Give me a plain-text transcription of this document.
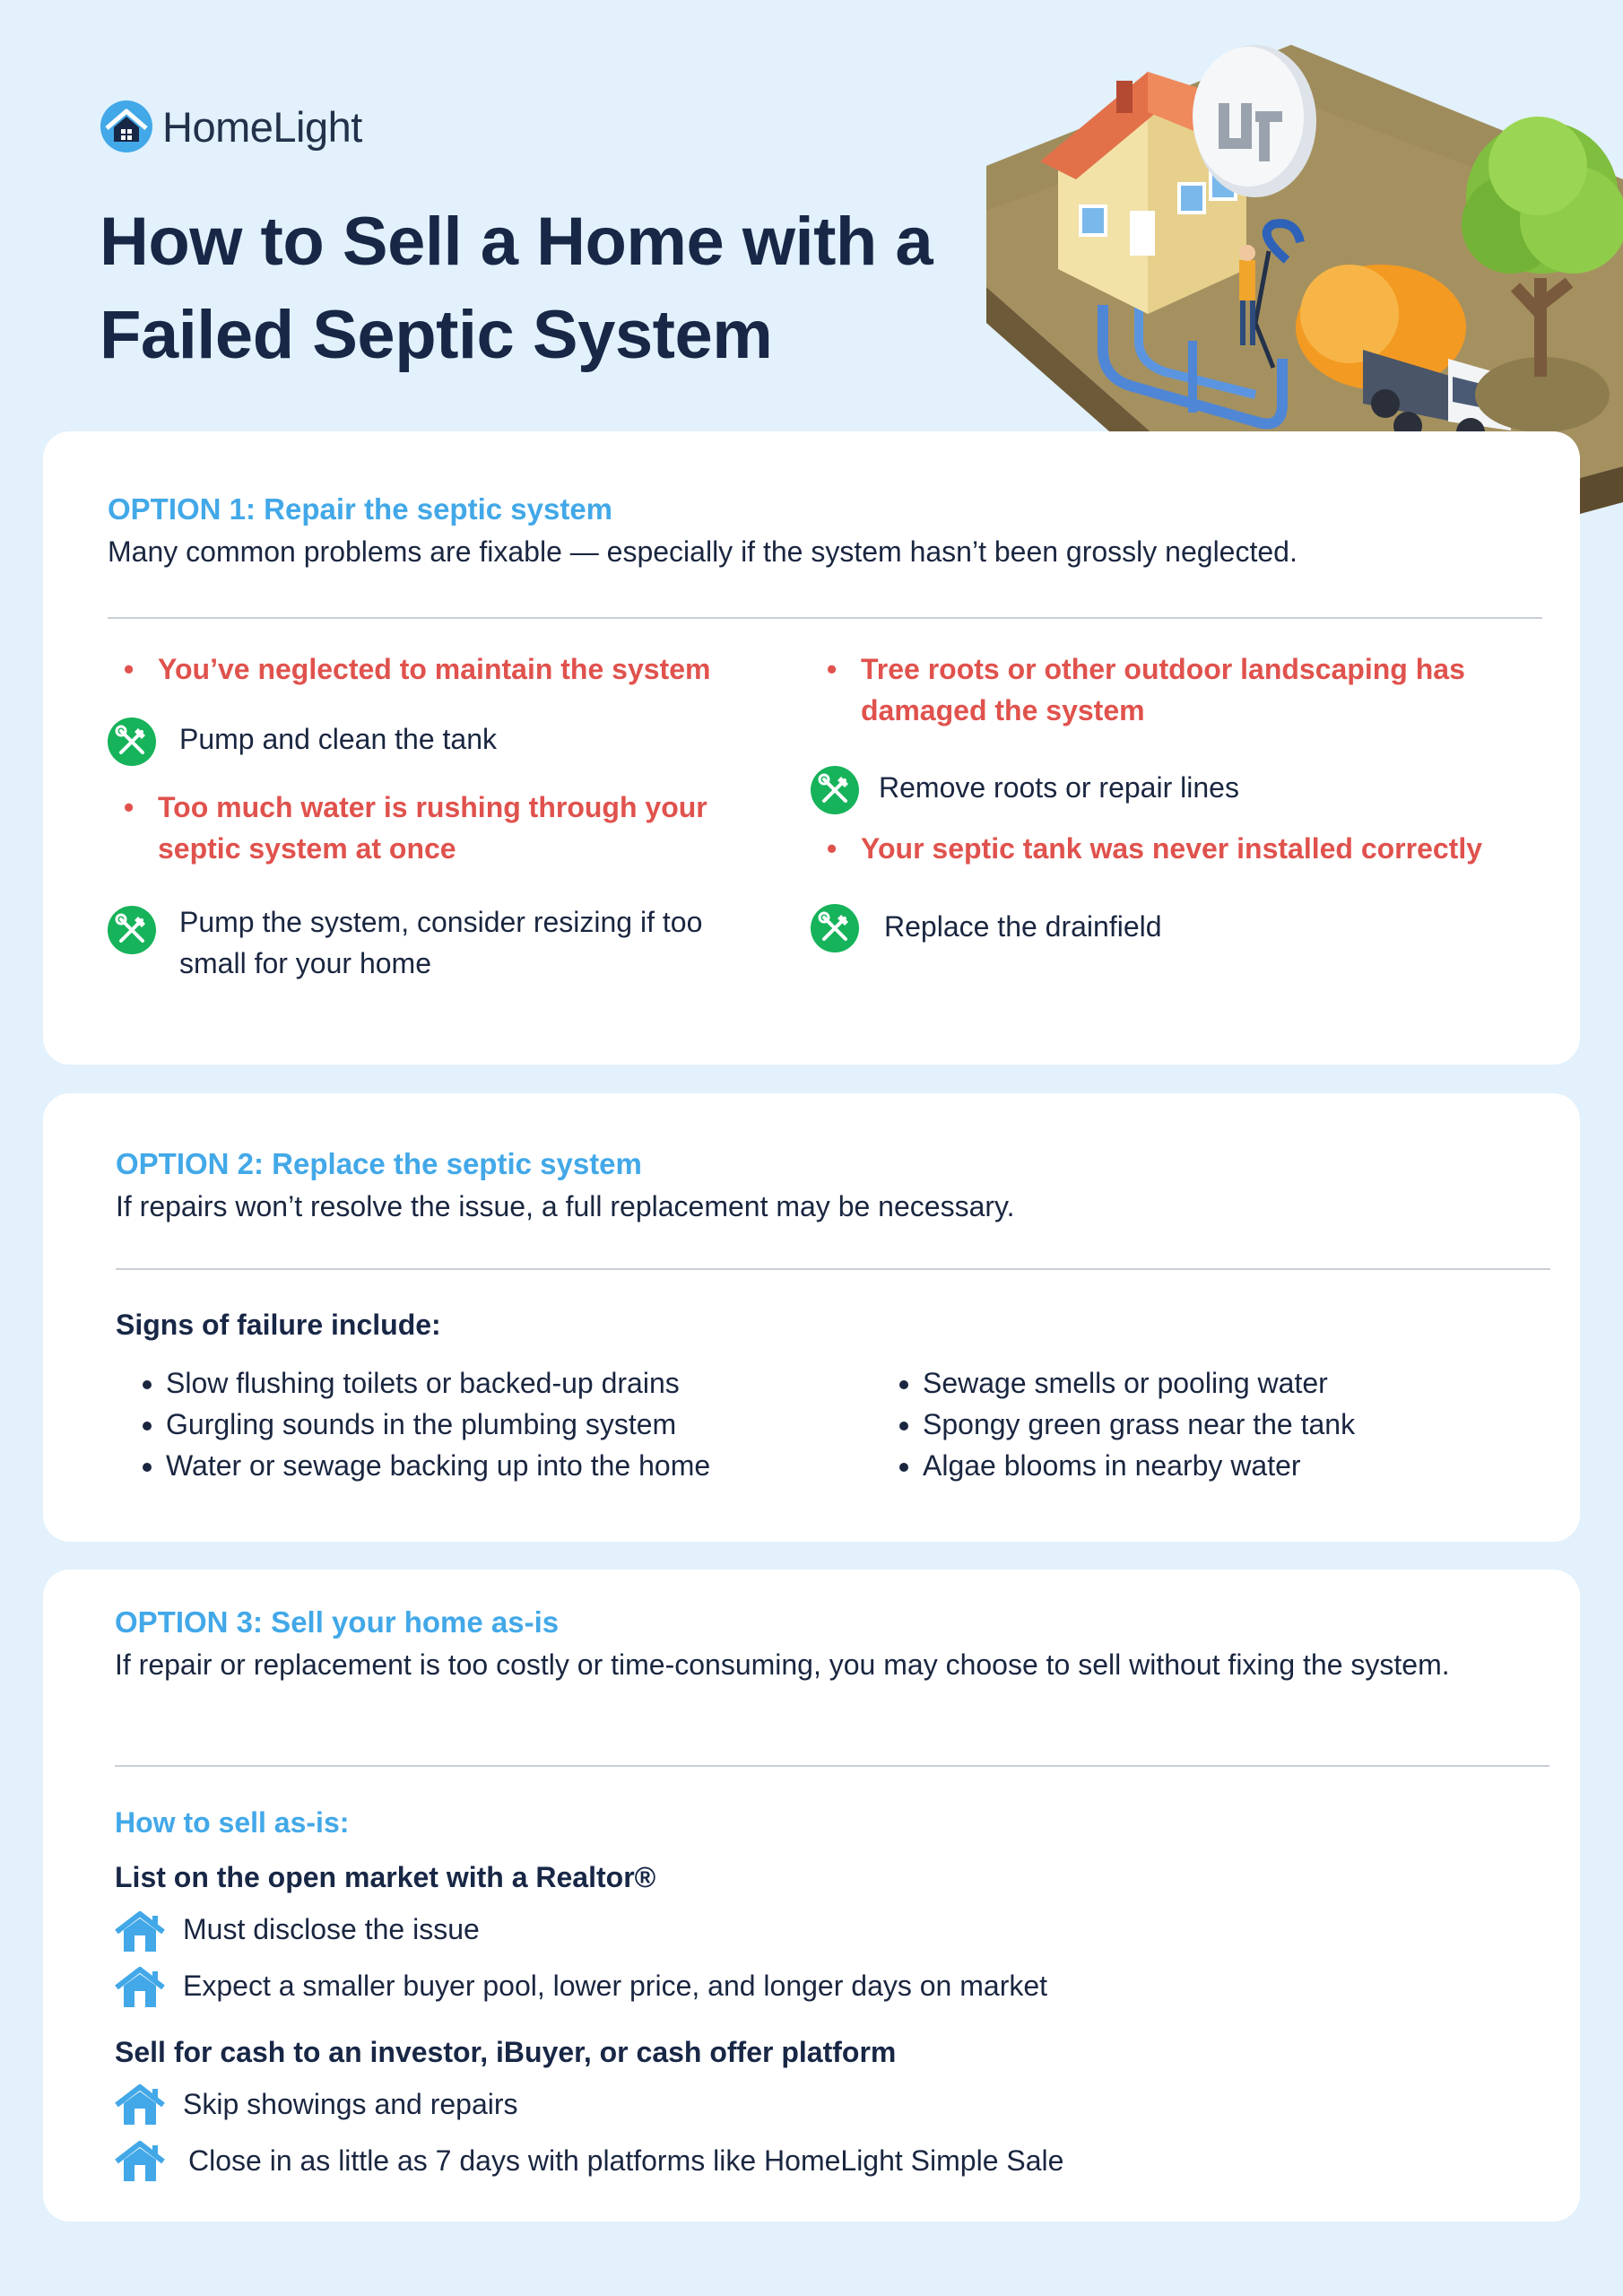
HomeLight
How to Sell a Home with a Failed Septic System
OPTION 1: Repair the septic system
Many common problems are fixable — especially if the system hasn’t been grossly neglected.
• You’ve neglected to maintain the system
Pump and clean the tank
• Too much water is rushing through your septic system at once
Pump the system, consider resizing if too small for your home
• Tree roots or other outdoor landscaping has damaged the system
Remove roots or repair lines
• Your septic tank was never installed correctly
Replace the drainfield
OPTION 2: Replace the septic system
If repairs won’t resolve the issue, a full replacement may be necessary.
Signs of failure include:
• Slow flushing toilets or backed-up drains
• Gurgling sounds in the plumbing system
• Water or sewage backing up into the home
• Sewage smells or pooling water
• Spongy green grass near the tank
• Algae blooms in nearby water
OPTION 3: Sell your home as-is
If repair or replacement is too costly or time-consuming, you may choose to sell without fixing the system.
How to sell as-is:
List on the open market with a Realtor®
Must disclose the issue
Expect a smaller buyer pool, lower price, and longer days on market
Sell for cash to an investor, iBuyer, or cash offer platform
Skip showings and repairs
Close in as little as 7 days with platforms like HomeLight Simple Sale
